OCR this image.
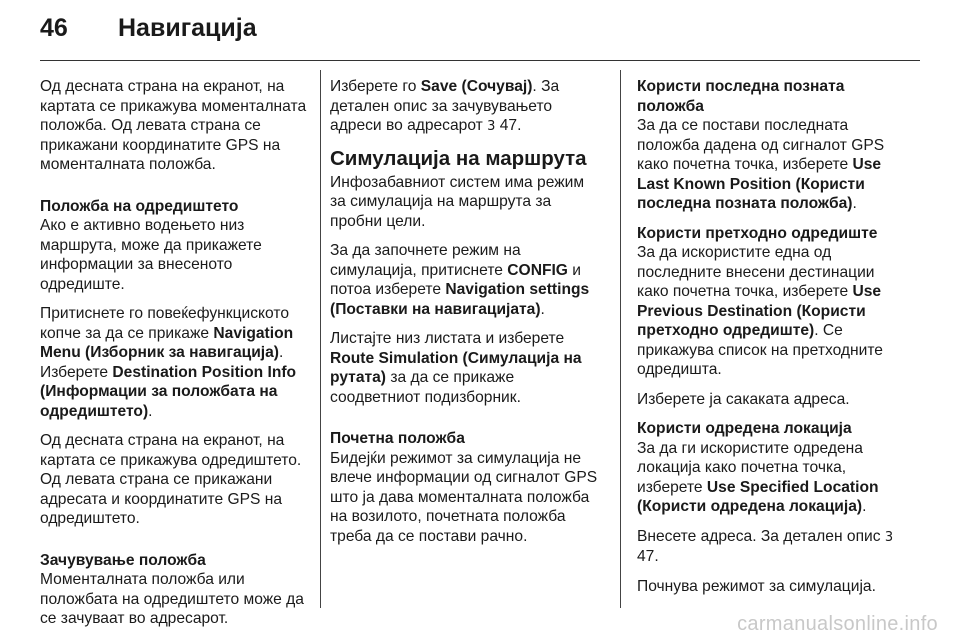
46 Навигација

Од десната страна на екранот, на картата се прикажува моменталната положба. Од левата страна се прикажани координатите GPS на моменталната положба.

Положба на одредиштето

Ако е активно водењето низ маршрута, може да прикажете информации за внесеното одредиште.

Притиснете го повеќефункциското копче за да се прикаже Navigation Menu (Изборник за навигација). Изберете Destination Position Info (Информации за положбата на одредиштето).

Од десната страна на екранот, на картата се прикажува одредиштето. Од левата страна се прикажани адресата и координатите GPS на одредиштето.

Зачувување положба

Моменталната положба или положбата на одредиштето може да се зачуваат во адресарот.

Изберете го Save (Сочувај). За детален опис за зачувувањето адреси во адресарот 3 47.

Симулација на маршрута

Инфозабавниот систем има режим за симулација на маршрута за пробни цели.

За да започнете режим на симулација, притиснете CONFIG и потоа изберете Navigation settings (Поставки на навигацијата).

Листајте низ листата и изберете Route Simulation (Симулација на рутата) за да се прикаже соодветниот подизборник.

Почетна положба

Бидејќи режимот за симулација не влече информации од сигналот GPS што ја дава моменталната положба на возилото, почетната положба треба да се постави рачно.

Користи последна позната положба

За да се постави последната положба дадена од сигналот GPS како почетна точка, изберете Use Last Known Position (Користи последна позната положба).

Користи претходно одредиште

За да искористите една од последните внесени дестинации како почетна точка, изберете Use Previous Destination (Користи претходно одредиште). Се прикажува список на претходните одредишта.

Изберете ја сакаката адреса.

Користи одредена локација

За да ги искористите одредена локација како почетна точка, изберете Use Specified Location (Користи одредена локација).

Внесете адреса. За детален опис 3 47.

Почнува режимот за симулација.

carmanualsonline.info
